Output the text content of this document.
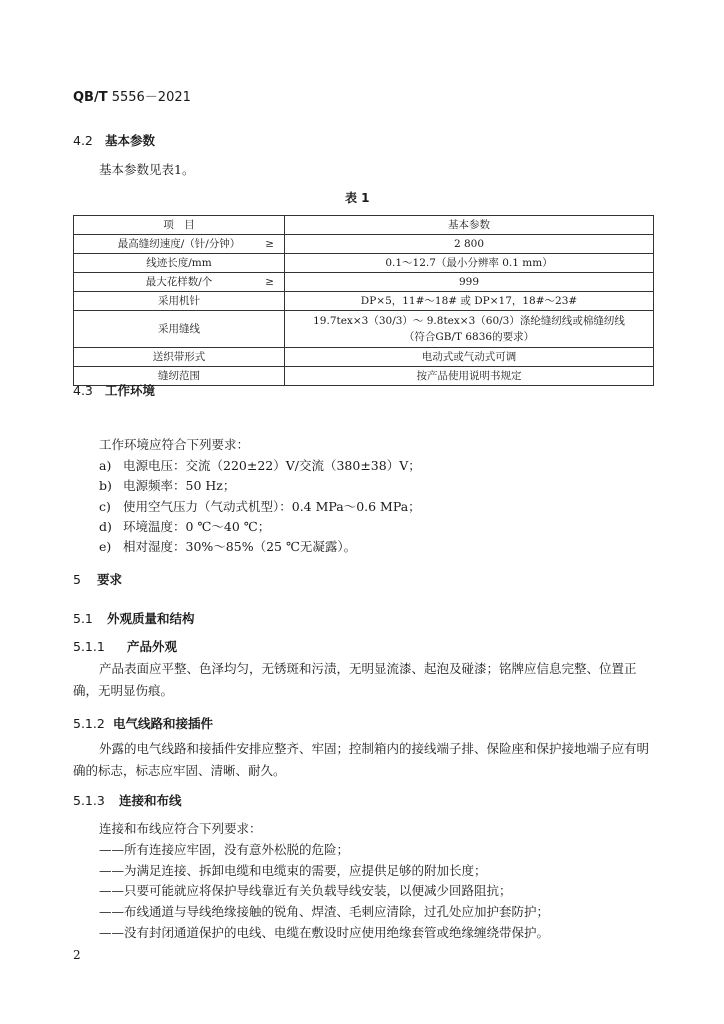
QB/T 5556－2021
4.2 基本参数
基本参数见表1。
表 1
项　目	基本参数
最高缝纫速度/（针/分钟） ≥	2 800
线迹长度/mm	0.1～12.7（最小分辨率 0.1 mm）
最大花样数/个 ≥	999
采用机针	DP×5，11#～18# 或 DP×17，18#～23#
采用缝线	19.7tex×3（30/3）～ 9.8tex×3（60/3）涤纶缝纫线或棉缝纫线
（符合GB/T 6836的要求）

送织带形式	电动式或气动式可调
缝纫范围	按产品使用说明书规定
4.3 工作环境
工作环境应符合下列要求：
a) 电源电压：交流（220±22）V/交流（380±38）V；
b) 电源频率：50 Hz；
c) 使用空气压力（气动式机型）：0.4 MPa～0.6 MPa；
d) 环境温度：0 ℃～40 ℃；
e) 相对湿度：30%～85%（25 ℃无凝露）。
5 要求
5.1 外观质量和结构
5.1.1 产品外观
产品表面应平整、色泽均匀，无锈斑和污渍，无明显流漆、起泡及碰漆；铭牌应信息完整、位置正确，无明显伤痕。
5.1.2 电气线路和接插件
外露的电气线路和接插件安排应整齐、牢固；控制箱内的接线端子排、保险座和保护接地端子应有明确的标志，标志应牢固、清晰、耐久。
5.1.3 连接和布线
连接和布线应符合下列要求：
——所有连接应牢固，没有意外松脱的危险；
——为满足连接、拆卸电缆和电缆束的需要，应提供足够的附加长度；
——只要可能就应将保护导线靠近有关负载导线安装，以便减少回路阻抗；
——布线通道与导线绝缘接触的锐角、焊渣、毛刺应清除，过孔处应加护套防护；
——没有封闭通道保护的电线、电缆在敷设时应使用绝缘套管或绝缘缠绕带保护。
2
